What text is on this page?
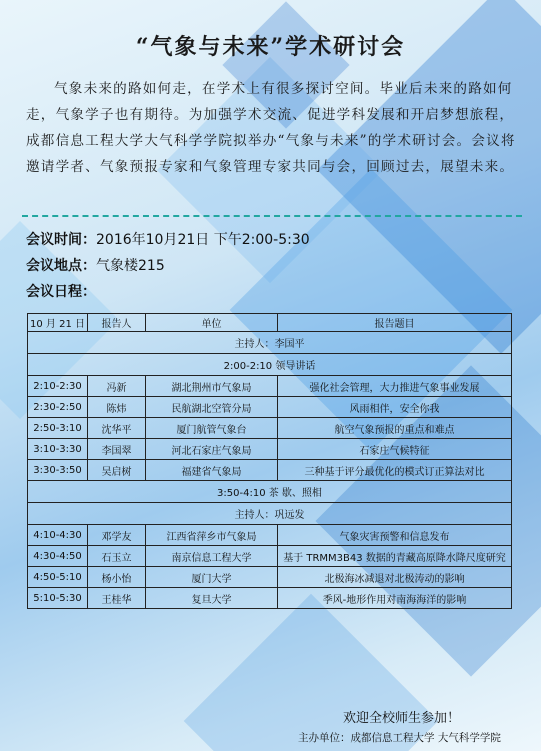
“气象与未来”学术研讨会

气象未来的路如何走，在学术上有很多探讨空间。毕业后未来的路如何走，气象学子也有期待。为加强学术交流、促进学科发展和开启梦想旅程，成都信息工程大学大气科学学院拟举办“气象与未来”的学术研讨会。会议将邀请学者、气象预报专家和气象管理专家共同与会，回顾过去，展望未来。

会议时间：2016年10月21日 下午2:00-5:30
会议地点：气象楼215
会议日程：
10 月 21 日	报告人	单位	报告题目
主持人：李国平			
2:00-2:10 领导讲话			
2:10-2:30	冯新	湖北荆州市气象局	强化社会管理，大力推进气象事业发展
2:30-2:50	陈炜	民航湖北空管分局	风雨相伴，安全你我
2:50-3:10	沈华平	厦门航管气象台	航空气象预报的重点和难点
3:10-3:30	李国翠	河北石家庄气象局	石家庄气候特征
3:30-3:50	吴启树	福建省气象局	三种基于评分最优化的模式订正算法对比
3:50-4:10 茶 歇、照相			
主持人：巩远发			
4:10-4:30	邓学友	江西省萍乡市气象局	气象灾害预警和信息发布
4:30-4:50	石玉立	南京信息工程大学	基于 TRMM3B43 数据的青藏高原降水降尺度研究
4:50-5:10	杨小怡	厦门大学	北极海冰减退对北极涛动的影响
5:10-5:30	王桂华	复旦大学	季风-地形作用对南海海洋的影响
欢迎全校师生参加！
主办单位：成都信息工程大学 大气科学学院
